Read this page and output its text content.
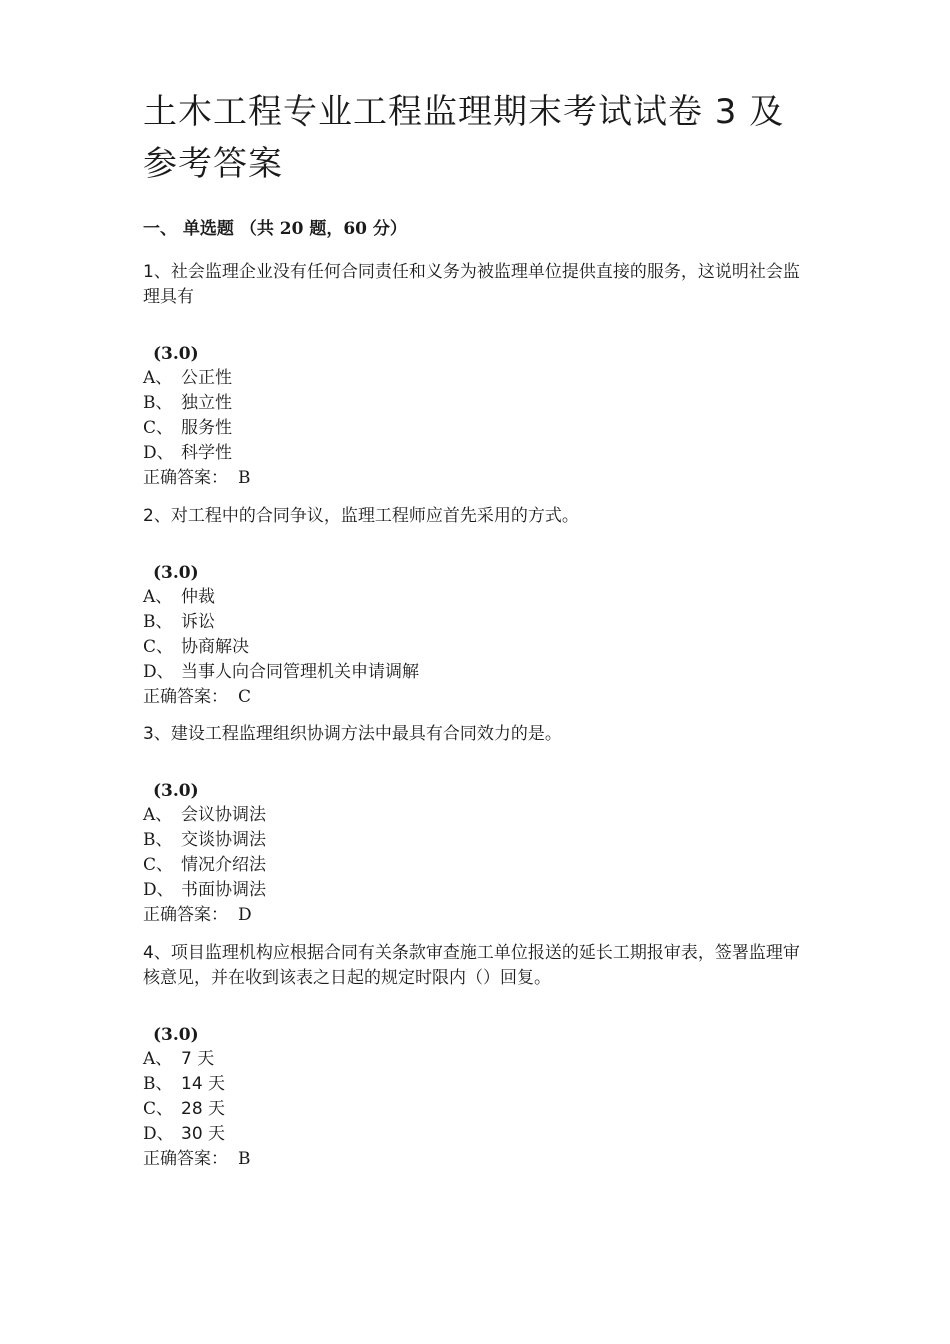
土木工程专业工程监理期末考试试卷 3 及参考答案
一、 单选题 （共 20 题，60 分）

1、社会监理企业没有任何合同责任和义务为被监理单位提供直接的服务，这说明社会监理具有

(3.0)

A、 公正性

B、 独立性

C、 服务性

D、 科学性

正确答案： B

2、对工程中的合同争议，监理工程师应首先采用的方式。

(3.0)

A、 仲裁

B、 诉讼

C、 协商解决

D、 当事人向合同管理机关申请调解

正确答案： C

3、建设工程监理组织协调方法中最具有合同效力的是。

(3.0)

A、 会议协调法

B、 交谈协调法

C、 情况介绍法

D、 书面协调法

正确答案： D

4、项目监理机构应根据合同有关条款审查施工单位报送的延长工期报审表，签署监理审核意见，并在收到该表之日起的规定时限内（）回复。

(3.0)

A、 7 天

B、 14 天

C、 28 天

D、 30 天

正确答案： B
